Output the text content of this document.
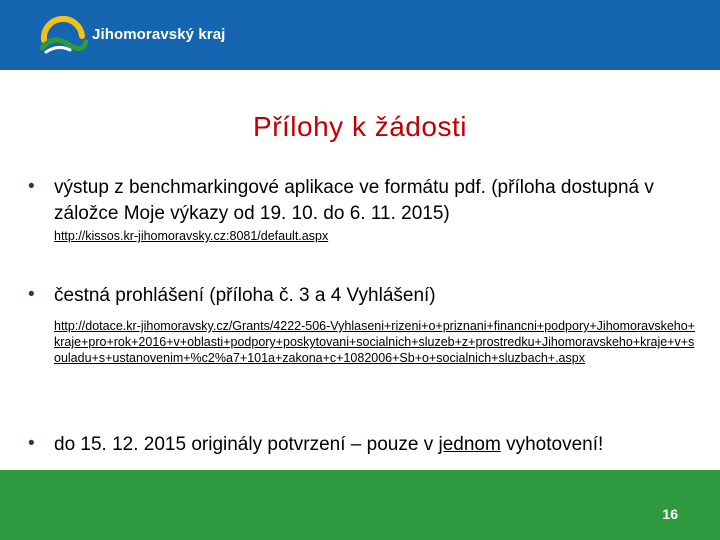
Jihomoravský kraj
Přílohy k žádosti
• výstup z benchmarkingové aplikace ve formátu pdf. (příloha dostupná v záložce Moje výkazy od 19. 10. do 6. 11. 2015)
http://kissos.kr-jihomoravsky.cz:8081/default.aspx
• čestná prohlášení (příloha č. 3 a 4 Vyhlášení)
http://dotace.kr-jihomoravsky.cz/Grants/4222-506-Vyhlaseni+rizeni+o+priznani+financni+podpory+Jihomoravskeho+kraje+pro+rok+2016+v+oblasti+podpory+poskytovani+socialnich+sluzeb+z+prostredku+Jihomoravskeho+kraje+v+souladu+s+ustanovenim+%c2%a7+101a+zakona+c+1082006+Sb+o+socialnich+sluzbach+.aspx
• do 15. 12. 2015 originály potvrzení – pouze v jednom vyhotovení!
16
